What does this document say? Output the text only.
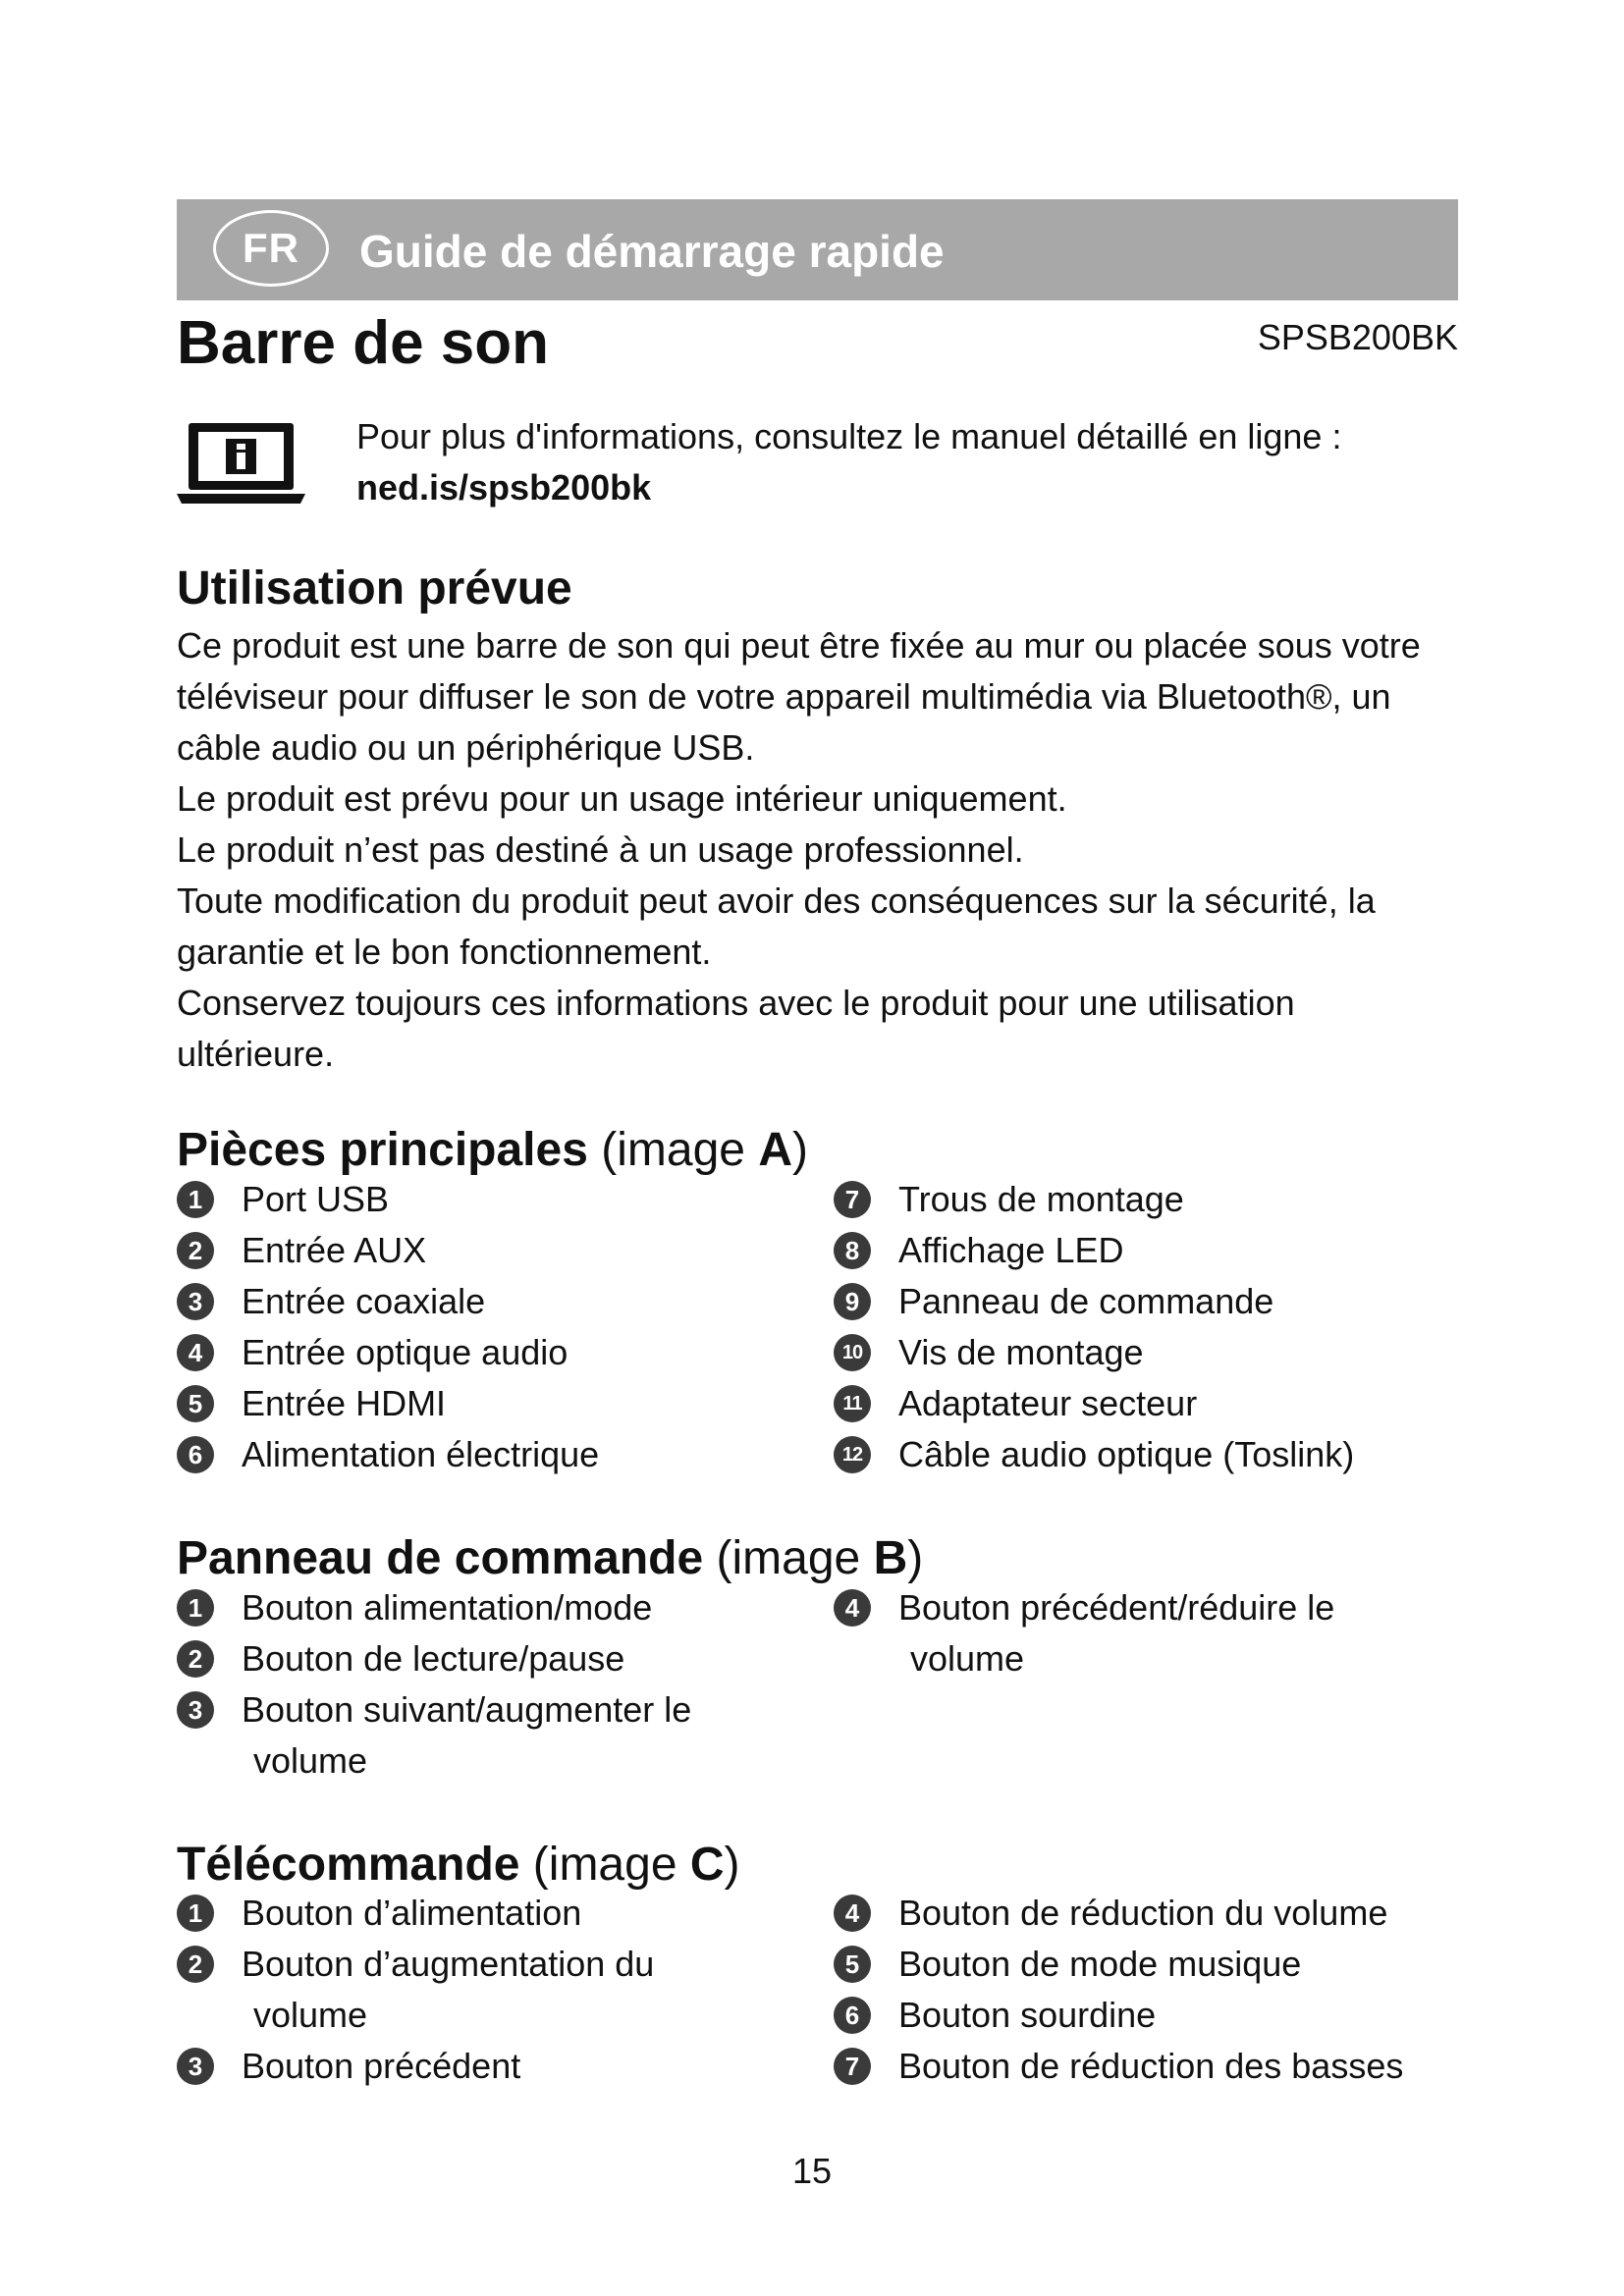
FR	Guide de démarrage rapide
Barre de son	SPSB200BK
Pour plus d'informations, consultez le manuel détaillé en ligne :
ned.is/spsb200bk
Utilisation prévue
Ce produit est une barre de son qui peut être fixée au mur ou placée sous votre
téléviseur pour diffuser le son de votre appareil multimédia via Bluetooth®, un
câble audio ou un périphérique USB.
Le produit est prévu pour un usage intérieur uniquement.
Le produit n’est pas destiné à un usage professionnel.
Toute modification du produit peut avoir des conséquences sur la sécurité, la
garantie et le bon fonctionnement.
Conservez toujours ces informations avec le produit pour une utilisation
ultérieure.
Pièces principales (image A)
1	Port USB
2	Entrée AUX
3	Entrée coaxiale
4	Entrée optique audio
5	Entrée HDMI
6	Alimentation électrique
7	Trous de montage
8	Affichage LED
9	Panneau de commande
10 Vis de montage
11 Adaptateur secteur
12 Câble audio optique (Toslink)
Panneau de commande (image B)
1	Bouton alimentation/mode
2	Bouton de lecture/pause
3	Bouton suivant/augmenter le
volume
4	Bouton précédent/réduire le
volume
Télécommande (image C)
1	Bouton d’alimentation
2	Bouton d’augmentation du
volume
3	Bouton précédent
4	Bouton de réduction du volume
5	Bouton de mode musique
6	Bouton sourdine
7	Bouton de réduction des basses
15
